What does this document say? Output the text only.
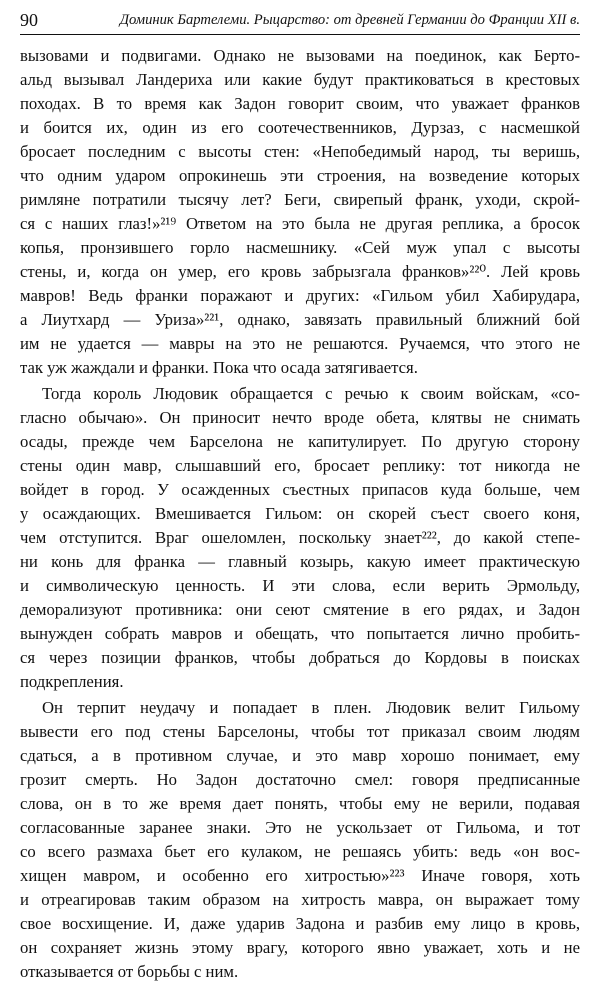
90	Доминик Бартелеми. Рыцарство: от древней Германии до Франции XII в.
вызовами и подвигами. Однако не вызовами на поединок, как Берто-
альд вызывал Ландериха или какие будут практиковаться в крестовых
походах. В то время как Задон говорит своим, что уважает франков
и боится их, один из его соотечественников, Дурзаз, с насмешкой
бросает последним с высоты стен: «Непобедимый народ, ты веришь,
что одним ударом опрокинешь эти строения, на возведение которых
римляне потратили тысячу лет? Беги, свирепый франк, уходи, скрой-
ся с наших глаз!»²¹⁹ Ответом на это была не другая реплика, а бросок
копья, пронзившего горло насмешнику. «Сей муж упал с высоты
стены, и, когда он умер, его кровь забрызгала франков»²²⁰. Лей кровь
мавров! Ведь франки поражают и других: «Гильом убил Хабирударa,
а Лиутхард — Уриза»²²¹, однако, завязать правильный ближний бой
им не удается — мавры на это не решаются. Ручаемся, что этого не
так уж жаждали и франки. Пока что осада затягивается.
Тогда король Людовик обращается с речью к своим войскам, «со-
гласно обычаю». Он приносит нечто вроде обета, клятвы не снимать
осады, прежде чем Барселона не капитулирует. По другую сторону
стены один мавр, слышавший его, бросает реплику: тот никогда не
войдет в город. У осажденных съестных припасов куда больше, чем
у осаждающих. Вмешивается Гильом: он скорей съест своего коня,
чем отступится. Враг ошеломлен, поскольку знает²²², до какой степе-
ни конь для франка — главный козырь, какую имеет практическую
и символическую ценность. И эти слова, если верить Эрмольду,
деморализуют противника: они сеют смятение в его рядах, и Задон
вынужден собрать мавров и обещать, что попытается лично пробить-
ся через позиции франков, чтобы добраться до Кордовы в поисках
подкрепления.
Он терпит неудачу и попадает в плен. Людовик велит Гильому
вывести его под стены Барселоны, чтобы тот приказал своим людям
сдаться, а в противном случае, и это мавр хорошо понимает, ему
грозит смерть. Но Задон достаточно смел: говоря предписанные
слова, он в то же время дает понять, чтобы ему не верили, подавая
согласованные заранее знаки. Это не ускользает от Гильома, и тот
со всего размаха бьет его кулаком, не решаясь убить: ведь «он вос-
хищен мавром, и особенно его хитростью»²²³ Иначе говоря, хоть
и отреагировав таким образом на хитрость мавра, он выражает тому
свое восхищение. И, даже ударив Задона и разбив ему лицо в кровь,
он сохраняет жизнь этому врагу, которого явно уважает, хоть и не
отказывается от борьбы с ним.
